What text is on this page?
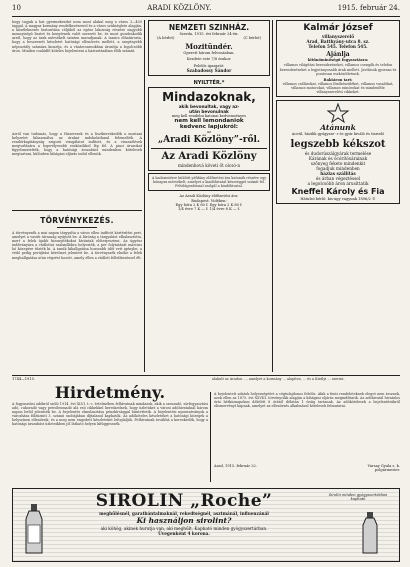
10	ARADI KÖZLÖNY.	1915. február 24.
hogy tagjuk a hat gyermekeseké nem most alakul meg a város 3—400 taggal. A magyar kormány rendelkezéseivel és a város szükséglete alapján, a közélelmezés biztosítása céljából az egész lakosság részére nagyobb mennyiségű lisztet és kenyérnek valót szerzett be, és most gondoskodik arról, hogy az árak mérsékelt szinten maradjanak. A tanács elhatározta, hogy a beszerzett készletet hatósági ellenőrzés mellett, a szegényebb néposztály számára kiosztja, és a vásárcsarnokban árusítja a legolcsóbb áron. Minden családfő köteles bejelenteni a háztartásában élők számát.
Arról van tudomás, hogy a fűszeresek és a lisztkereskedők a mostani helyzetet kihasználva az árakat indokolatlanul felemelték. A rendőrkapitányság szigorú vizsgálatot indított, és a visszaélések megtorlására a legerélyesebb eszközökkel lép fel. A piaci árusokat figyelmeztették, hogy a hatósági árszabást mindenben kötelesek megtartani, különben kihágási eljárás indul ellenük.
TÖRVÉNYKEZÉS.
A törvényszék a mai napon tárgyalta a város ellen indított kártérítési pert, amelyet a vasúti társaság nyújtott be. A bíróság a tárgyalást elhalasztotta, mert a felek újabb bizonyítékokat kívántak előterjeszteni. Az ügyész indítványára a vádlottat szabadlábra helyezték, a per folytatását március hó közepére tűzték ki. A tanúk kihallgatása hosszabb időt vett igénybe, a védő pedig perújítási kérelmet jelentett be. A törvényszék elnöke a felek meghallgatása után végzést hozott, amely ellen a vádlott fellebbezéssel élt.
NEMZETI SZINHÁZ.
Szerda, 1915. évi február 24-én:
(A bérlet)	(C bérlet)
Mozitündér.
Operett három felvonásban.
Kezdete este 7/8 órakor.
Felelős igazgató:
Szabadossy Sándor
NYILTTÉR.*
Mindazoknak,
akik bevonultak, vagy az-
után bevonulnak
meg kell rendelni katonai kedvezményes
nem kell lemondaniok
kedvenc lapjukról:
az
„Aradi Közlöny”-ről.
Az Aradi Közlöny
mindenhová követi őt olcsó-n
A hadszintérre küldött példány előfizetési ára katonák részére egy hónapra mérsékelt, amelyet a kiadóhivatal készséggel számít fel. Felvilágosítással szolgál a kiadóhivatal.
Az Aradi Közlöny előfizetési ára:
Budapest: Vidéken:
Egy hóra 2 K 60 f. Egy hóra 2 K 80 f.
1/4 évre 7 K — f. 1/4 évre 8 K — f.
Kalmár József
villanyszerelő
Arad, Batthyány-utca 8. sz.
Telefon 545. Telefon 545.
Ajánlja
kitűnőminőségű fogyasztásra:
villamos világítási berendezéseket, villamos csengők és telefon berendezéseket a legjutányosabb árak mellett. Javítások gyorsan és pontosan eszközöltetnek.
Raktáron tart:
villamos csillárokat, villamos főzőkészüléket, villamos vasalókat, villamos motorokat, villamos zsinórokat és mindenféle villanyszerelési cikkeket.
Atánunk
Acetil, házilik gyógysze- r és gyár kiváló és tiszteló
legszebb kékszot
és dudorúszálgyárak termelése
Kárának és ócórítósárainak
szőnyeg fekete mindenkit
fogadjuk mindenben
házias szállítás
és árban végeztéssel
a legolcsóbb áron árusíttatik
Kneffel Károly és Fia
Hátulsó bérlő: kis-ugy vagyunk 1896/2 ©
1744—1915.	alakult az Aradon ..., amelyet a kormány ... alapítva, ... és a Királyi ... szerint.
Hirdetmény.
A fogyasztási adókról szóló 1914. évi XLVI. t.-c. értelmében felhívatnak mindazok, akik a szeszadó, sörfogyasztási adó, cukoradó vagy petróleumadó alá eső cikkekkel kereskednek, hogy üzletüket a városi adóhivatalnál három napon belül jelentsék be. A bejelentés elmulasztása pénzbírsággal büntettetik. A bejelentési nyomtatványok a városháza földszinti 3. számú szobájában díjtalanul kaphatók. Az adóköteles készleteket a hatósági közegek a helyszínen ellenőrzik, és a meg nem engedett készleteket lefoglalják. Felhívatnak továbbá a kereskedők, hogy a hatósági árszabást üzleteikben jól látható helyen kifüggesszék.
A bejelentett adatok helyességéért a cégtulajdonos felelős. Akik a fenti rendeleteknek eleget nem tesznek, azok ellen az 1875. évi XXVIII. törvénycikk alapján a kihágási eljárás megindíttatik. Az adóhivatal hivatalos órái hétköznapokon délelőtt 8 órától délután 1 óráig tartanak. Az adókötelesek a bejelentésükről elismervényt kapnak, amelyet az ellenőrzés alkalmával kötelesek felmutatni.
Arad, 1915. február 22.	Varsay Gyula s. k.
polgármester.
SIROLIN „Roche”
meghűlésnél, garatbántalmaknál, rekedtségnél, asztmánál, influenzánál
Ki használjon sirolint?
aki köhög, akinek hurutja van, aki meghűlt. Kapható minden gyógyszertárban.
Üvegenként 4 korona.
Sirolin minden gyógyszertárban kapható
